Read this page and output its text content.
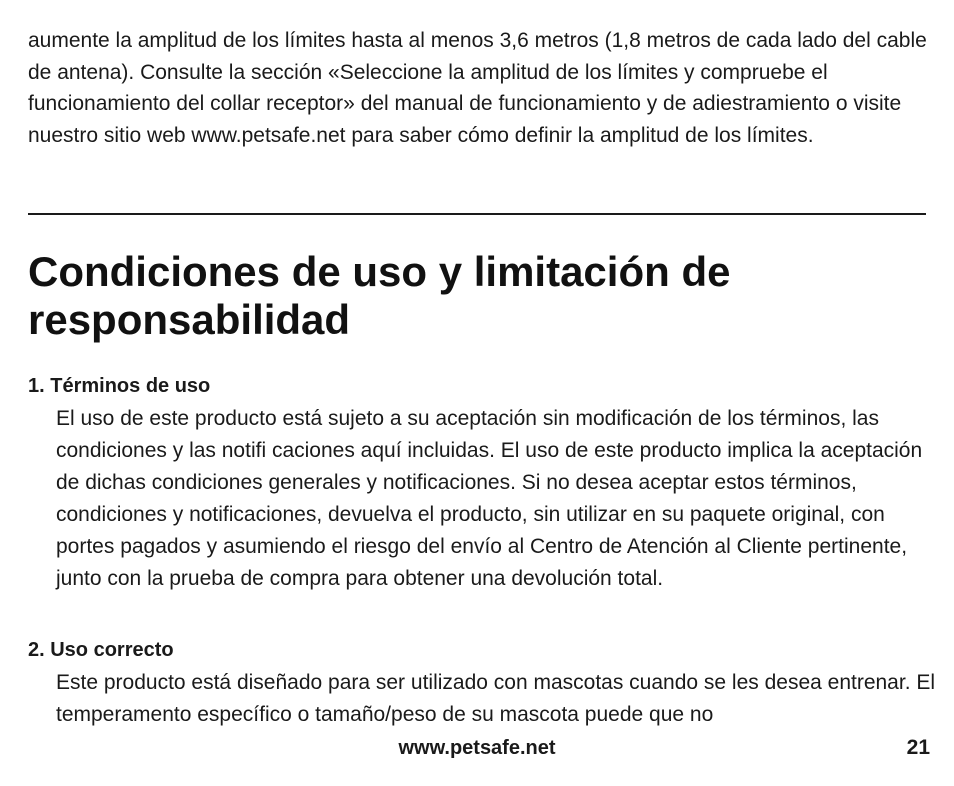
aumente la amplitud de los límites hasta al menos 3,6 metros (1,8 metros de cada lado del cable de antena). Consulte la sección «Seleccione la amplitud de los límites y compruebe el funcionamiento del collar receptor» del manual de funcionamiento y de adiestramiento o visite nuestro sitio web www.petsafe.net para saber cómo definir la amplitud de los límites.

Condiciones de uso y limitación de responsabilidad
1. Términos de uso

El uso de este producto está sujeto a su aceptación sin modificación de los términos, las condiciones y las notifi caciones aquí incluidas. El uso de este producto implica la aceptación de dichas condiciones generales y notificaciones. Si no desea aceptar estos términos, condiciones y notificaciones, devuelva el producto, sin utilizar en su paquete original, con portes pagados y asumiendo el riesgo del envío al Centro de Atención al Cliente pertinente, junto con la prueba de compra para obtener una devolución total.

2. Uso correcto

Este producto está diseñado para ser utilizado con mascotas cuando se les desea entrenar. El temperamento específico o tamaño/peso de su mascota puede que no

www.petsafe.net	21
